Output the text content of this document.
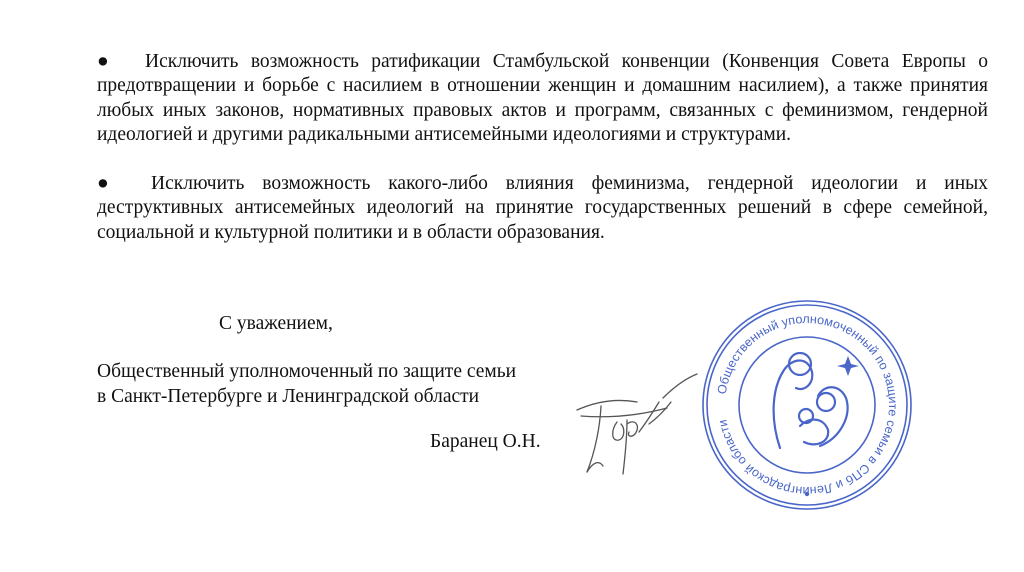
● Исключить возможность ратификации Стамбульской конвенции (Конвенция Совета Европы о предотвращении и борьбе с насилием в отношении женщин и домашним насилием), а также принятия любых иных законов, нормативных правовых актов и программ, связанных с феминизмом, гендерной идеологией и другими радикальными антисемейными идеологиями и структурами.

● Исключить возможность какого-либо влияния феминизма, гендерной идеологии и иных деструктивных антисемейных идеологий на принятие государственных решений в сфере семейной, социальной и культурной политики и в области образования.

С уважением,

Общественный уполномоченный по защите семьи

в Санкт-Петербурге и Ленинградской области

Баранец О.Н.

Общественный уполномоченный по защите семьи в СПб и Ленинградской области
